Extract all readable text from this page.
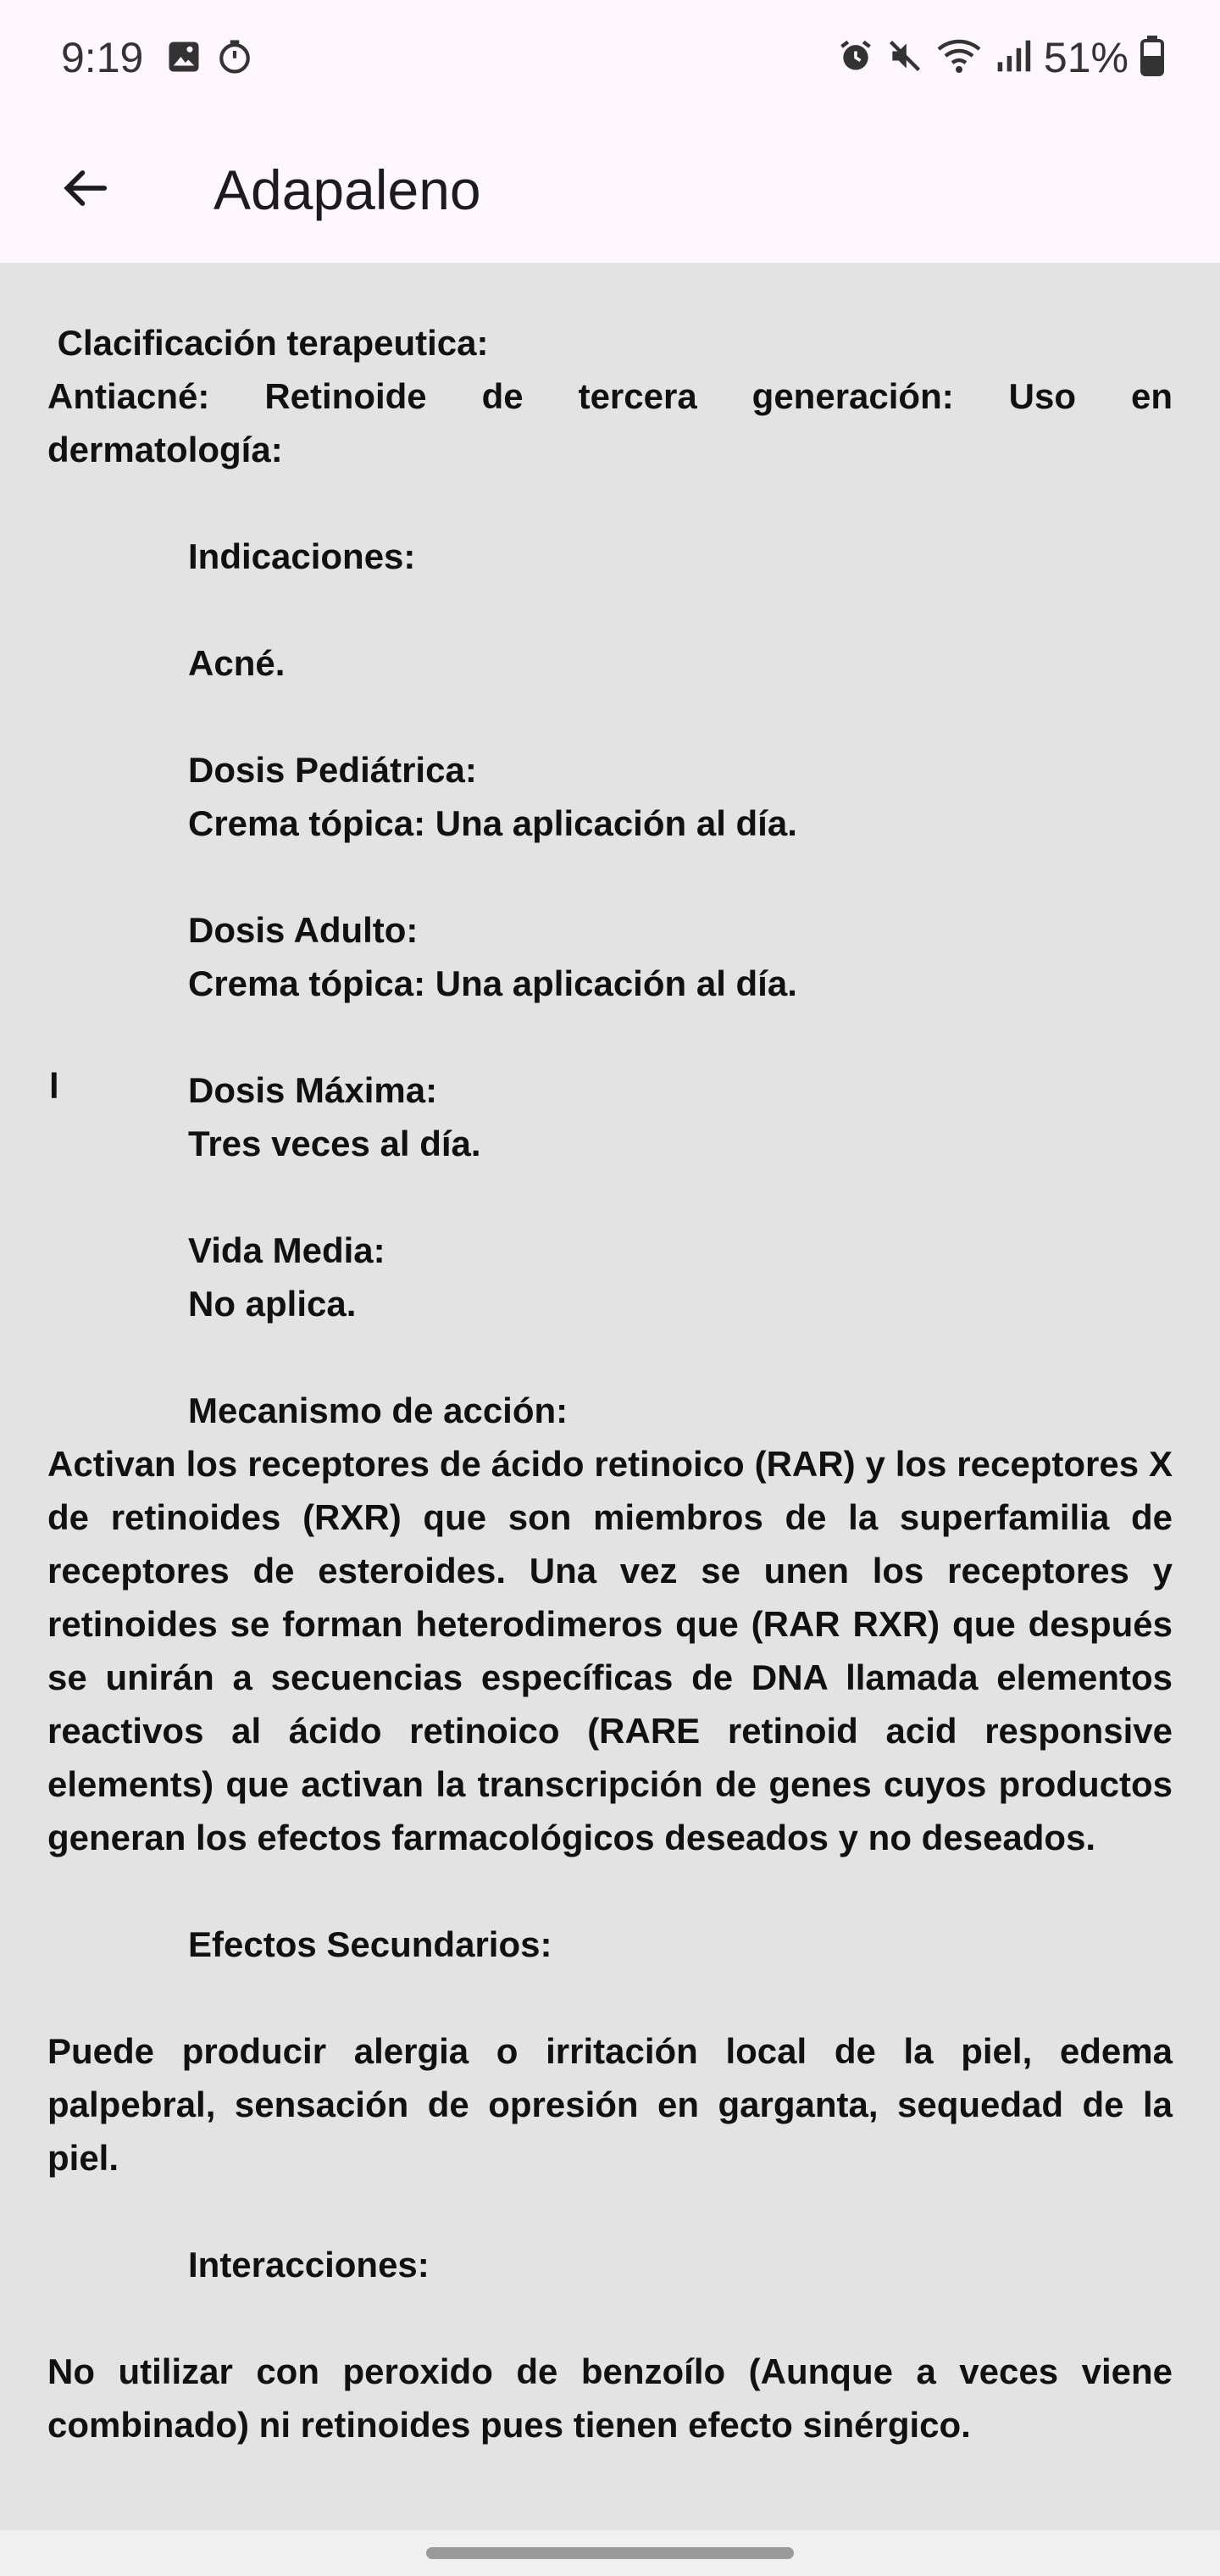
9:19	51%
Adapaleno
Clacificación terapeutica:
Antiacné: Retinoide de tercera generación: Uso en
dermatología:
Indicaciones:
Acné.
Dosis Pediátrica:
Crema tópica: Una aplicación al día.
Dosis Adulto:
Crema tópica: Una aplicación al día.
Dosis Máxima:
Tres veces al día.
Vida Media:
No aplica.
Mecanismo de acción:
Activan los receptores de ácido retinoico (RAR) y los receptores X de retinoides (RXR) que son miembros de la superfamilia de receptores de esteroides. Una vez se unen los receptores y retinoides se forman heterodimeros que (RAR RXR) que después se unirán a secuencias específicas de DNA llamada elementos reactivos al ácido retinoico (RARE retinoid acid responsive elements) que activan la transcripción de genes cuyos productos generan los efectos farmacológicos deseados y no deseados.
Efectos Secundarios:
Puede producir alergia o irritación local de la piel, edema palpebral, sensación de opresión en garganta, sequedad de la piel.
Interacciones:
No utilizar con peroxido de benzoílo (Aunque a veces viene combinado) ni retinoides pues tienen efecto sinérgico.
l
